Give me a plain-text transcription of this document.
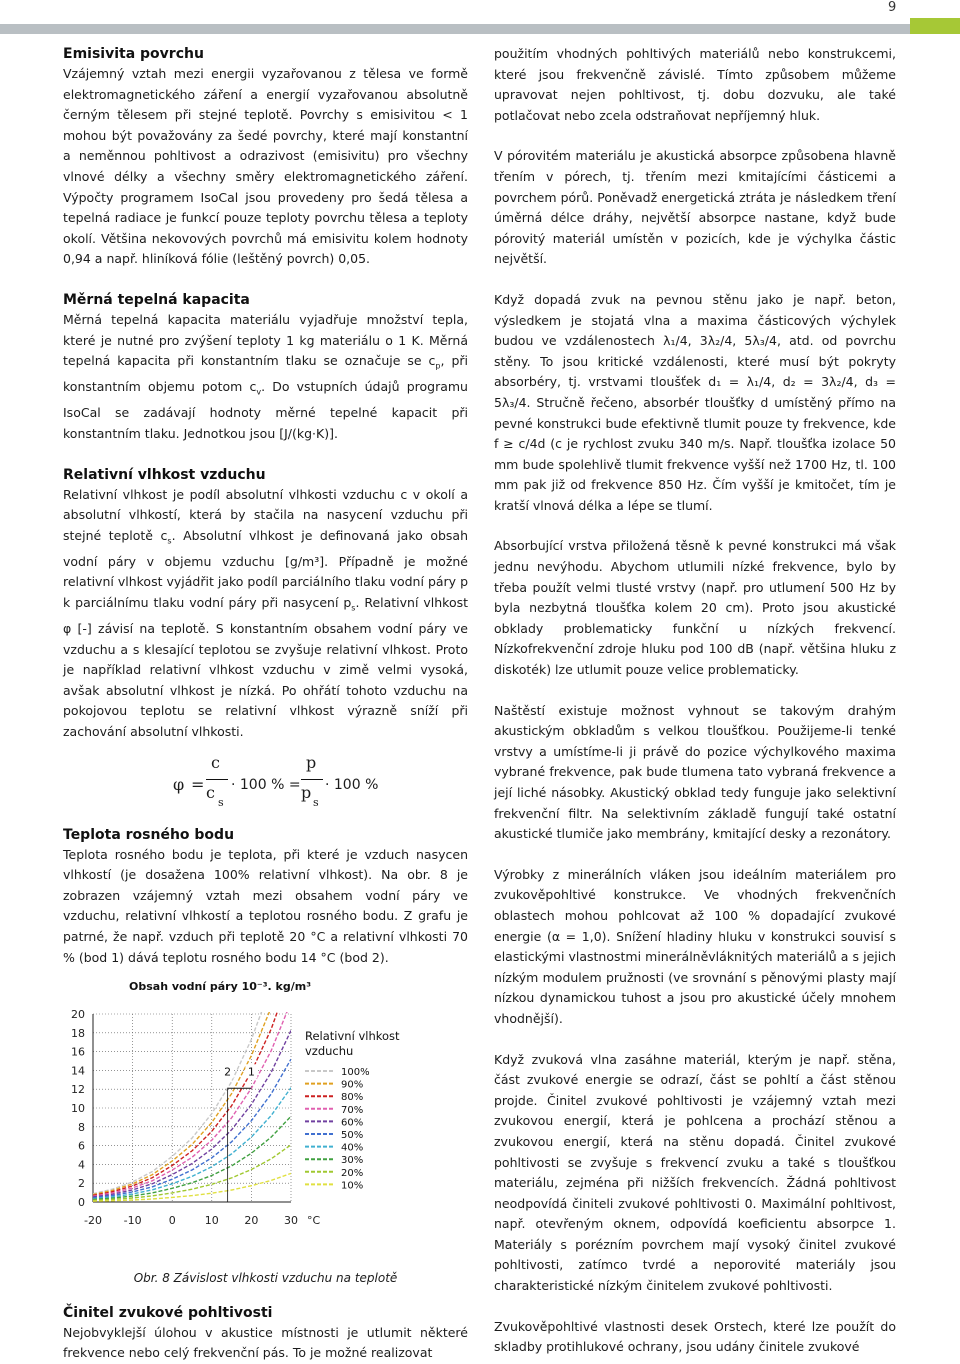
9
Emisivita povrchu

Vzájemný vztah mezi energii vyzařovanou z tělesa ve formě elektromagnetického záření a energií vyzařovanou absolutně černým tělesem při stejné teplotě. Povrchy s emisivitou < 1 mohou být považovány za šedé povrchy, které mají konstantní a neměnnou pohltivost a odrazivost (emisivitu) pro všechny vlnové délky a všechny směry elektromagnetického záření. Výpočty programem IsoCal jsou provedeny pro šedá tělesa a tepelná radiace je funkcí pouze teploty povrchu tělesa a teploty okolí. Většina nekovových povrchů má emisivitu kolem hodnoty 0,94 a např. hliníková fólie (leštěný povrch) 0,05.

Měrná tepelná kapacita

Měrná tepelná kapacita materiálu vyjadřuje množství tepla, které je nutné pro zvýšení teploty 1 kg materiálu o 1 K. Měrná tepelná kapacita při konstantním tlaku se označuje se $c_p$, při konstantním objemu potom $c_v$. Do vstupních údajů programu IsoCal se zadávají hodnoty měrné tepelné kapacit při konstantním tlaku. Jednotkou jsou [J/(kg·K)].

Relativní vlhkost vzduchu

Relativní vlhkost je podíl absolutní vlhkosti vzduchu c v okolí a absolutní vlhkostí, která by stačila na nasycení vzduchu při stejné teplotě $c_s$. Absolutní vlhkost je definovaná jako obsah vodní páry v objemu vzduchu [g/m³]. Případně je možné relativní vlhkost vyjádřit jako podíl parciálního tlaku vodní páry p k parciálnímu tlaku vodní páry při nasycení $p_s$. Relativní vlhkost φ [-] závisí na teplotě. S konstantním obsahem vodní páry ve vzduchu a s klesající teplotou se zvyšuje relativní vlhkost. Proto je například relativní vlhkost vzduchu v zimě velmi vysoká, avšak absolutní vlhkost je nízká. Po ohřátí tohoto vzduchu na pokojovou teplotu se relativní vlhkost výrazně sníží při zachování absolutní vlhkosti.

φ =
c
c
s
· 100 % =
p
p
s
· 100 %
Teplota rosného bodu

Teplota rosného bodu je teplota, při které je vzduch nasycen vlhkostí (je dosažena 100% relativní vlhkost). Na obr. 8 je zobrazen vzájemný vztah mezi obsahem vodní páry ve vzduchu, relativní vlhkostí a teplotou rosného bodu. Z grafu je patrné, že např. vzduch při teplotě 20 °C a relativní vlhkosti 70 % (bod 1) dává teplotu rosného bodu 14 °C (bod 2).

0
2
4
6
8
10
12
14
16
18
20
-20 -10 0	10 20 30 °C
Obsah vodní páry 10⁻³. kg/m³
1
2
Relativní vlhkost
vzduchu
100%
90%
80%
70%
60%
50%
40%
30%
20%
10%
Obr. 8 Závislost vlhkosti vzduchu na teplotě
Činitel zvukové pohltivosti

Nejobvyklejší úlohou v akustice místnosti je utlumit některé frekvence nebo celý frekvenční pás. To je možné realizovat

použitím vhodných pohltivých materiálů nebo konstrukcemi, které jsou frekvenčně závislé. Tímto způsobem můžeme upravovat nejen pohltivost, tj. dobu dozvuku, ale také potlačovat nebo zcela odstraňovat nepříjemný hluk.

V pórovitém materiálu je akustická absorpce způsobena hlavně třením v pórech, tj. třením mezi kmitajícími částicemi a povrchem pórů. Poněvadž energetická ztráta je následkem tření úměrná délce dráhy, největší absorpce nastane, když bude pórovitý materiál umístěn v pozicích, kde je výchylka částic největší.

Když dopadá zvuk na pevnou stěnu jako je např. beton, výsledkem je stojatá vlna a maxima částicových výchylek budou ve vzdálenostech λ₁/4, 3λ₂/4, 5λ₃/4, atd. od povrchu stěny. To jsou kritické vzdálenosti, které musí být pokryty absorbéry, tj. vrstvami tloušťek d₁ = λ₁/4, d₂ = 3λ₂/4, d₃ = 5λ₃/4. Stručně řečeno, absorbér tloušťky d umístěný přímo na pevné konstrukci bude efektivně tlumit pouze ty frekvence, kde f ≥ c/4d (c je rychlost zvuku 340 m/s. Např. tloušťka izolace 50 mm bude spolehlivě tlumit frekvence vyšší než 1700 Hz, tl. 100 mm pak již od frekvence 850 Hz. Čím vyšší je kmitočet, tím je kratší vlnová délka a lépe se tlumí.

Absorbující vrstva přiložená těsně k pevné konstrukci má však jednu nevýhodu. Abychom utlumili nízké frekvence, bylo by třeba použít velmi tlusté vrstvy (např. pro utlumení 500 Hz by byla nezbytná tloušťka kolem 20 cm). Proto jsou akustické obklady problematicky funkční u nízkých frekvencí. Nízkofrekvenční zdroje hluku pod 100 dB (např. většina hluku z diskoték) lze utlumit pouze velice problematicky.

Naštěstí existuje možnost vyhnout se takovým drahým akustickým obkladům s velkou tloušťkou. Použijeme-li tenké vrstvy a umístíme-li ji právě do pozice výchylkového maxima vybrané frekvence, pak bude tlumena tato vybraná frekvence a její liché násobky. Akustický obklad tedy funguje jako selektivní frekvenční filtr. Na selektivním základě fungují také ostatní akustické tlumiče jako membrány, kmitající desky a rezonátory.

Výrobky z minerálních vláken jsou ideálním materiálem pro zvukověpohltivé konstrukce. Ve vhodných frekvenčních oblastech mohou pohlcovat až 100 % dopadající zvukové energie (α = 1,0). Snížení hladiny hluku v konstrukci souvisí s elastickými vlastnostmi minerálněvláknitých materiálů a s jejich nízkým modulem pružnosti (ve srovnání s pěnovými plasty mají nízkou dynamickou tuhost a jsou pro akustické účely mnohem vhodnější).

Když zvuková vlna zasáhne materiál, kterým je např. stěna, část zvukové energie se odrazí, část se pohltí a část stěnou projde. Činitel zvukové pohltivosti je vzájemný vztah mezi zvukovou energií, která je pohlcena a prochází stěnou a zvukovou energií, která na stěnu dopadá. Činitel zvukové pohltivosti se zvyšuje s frekvencí zvuku a také s tloušťkou materiálu, zejména při nižších frekvencích. Žádná pohltivost neodpovídá činiteli zvukové pohltivosti 0. Maximální pohltivost, např. otevřeným oknem, odpovídá koeficientu absorpce 1. Materiály s porézním povrchem mají vysoký činitel zvukové pohltivosti, zatímco tvrdé a neporovité materiály jsou charakteristické nízkým činitelem zvukové pohltivosti.

Zvukověpohltivé vlastnosti desek Orstech, které lze použít do skladby protihlukové ochrany, jsou udány činitele zvukové
